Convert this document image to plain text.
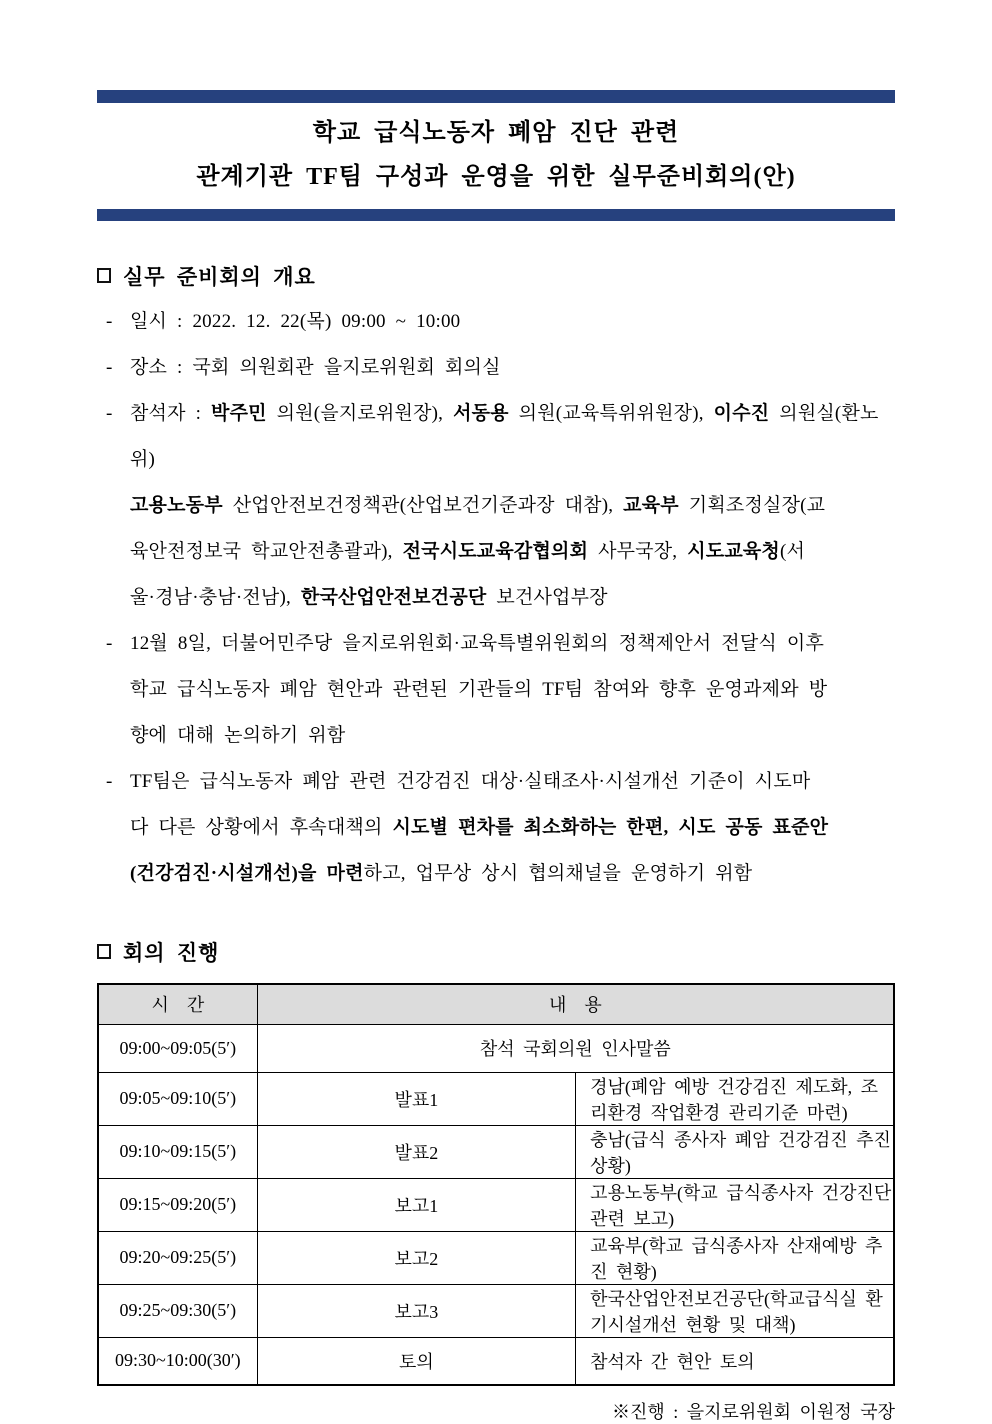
학교 급식노동자 폐암 진단 관련
관계기관 TF팀 구성과 운영을 위한 실무준비회의(안)
실무 준비회의 개요
- 일시 : 2022. 12. 22(목) 09:00 ~ 10:00
- 장소 : 국회 의원회관 을지로위원회 회의실
- 참석자 : 박주민 의원(을지로위원장), 서동용 의원(교육특위위원장), 이수진 의원실(환노위)
고용노동부 산업안전보건정책관(산업보건기준과장 대참), 교육부 기획조정실장(교
육안전정보국 학교안전총괄과), 전국시도교육감협의회 사무국장, 시도교육청(서
울·경남·충남·전남), 한국산업안전보건공단 보건사업부장
- 12월 8일, 더불어민주당 을지로위원회·교육특별위원회의 정책제안서 전달식 이후
학교 급식노동자 폐암 현안과 관련된 기관들의 TF팀 참여와 향후 운영과제와 방
향에 대해 논의하기 위함
- TF팀은 급식노동자 폐암 관련 건강검진 대상·실태조사·시설개선 기준이 시도마
다 다른 상황에서 후속대책의 시도별 편차를 최소화하는 한편, 시도 공동 표준안
(건강검진·시설개선)을 마련하고, 업무상 상시 협의채널을 운영하기 위함
회의 진행
시　간	내　용	
09:00~09:05(5′)	참석 국회의원 인사말씀	
09:05~09:10(5′)	발표1	경남(폐암 예방 건강검진 제도화, 조리환경 작업환경 관리기준 마련)
09:10~09:15(5′)	발표2	충남(급식 종사자 폐암 건강검진 추진상황)
09:15~09:20(5′)	보고1	고용노동부(학교 급식종사자 건강진단 관련 보고)
09:20~09:25(5′)	보고2	교육부(학교 급식종사자 산재예방 추진 현황)
09:25~09:30(5′)	보고3	한국산업안전보건공단(학교급식실 환기시설개선 현황 및 대책)
09:30~10:00(30′)	토의	참석자 간 현안 토의
※진행 : 을지로위원회 이원정 국장
